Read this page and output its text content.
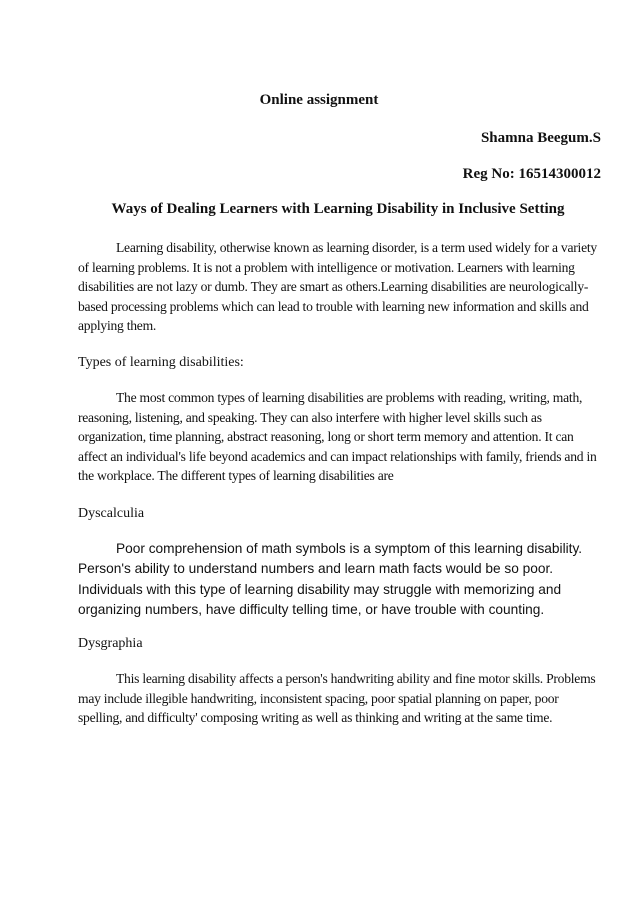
Online assignment

Shamna Beegum.S

Reg No: 16514300012

Ways of Dealing Learners with Learning Disability in Inclusive Setting

Learning disability, otherwise known as learning disorder, is a term used widely for a variety of learning problems. It is not a problem with intelligence or motivation. Learners with learning disabilities are not lazy or dumb. They are smart as others.Learning disabilities are neurologically-based processing problems which can lead to trouble with learning new information and skills and applying them.

Types of learning disabilities:

The most common types of learning disabilities are problems with reading, writing, math, reasoning, listening, and speaking. They can also interfere with higher level skills such as organization, time planning, abstract reasoning, long or short term memory and attention. It can affect an individual's life beyond academics and can impact relationships with family, friends and in the workplace. The different types of learning disabilities are

Dyscalculia

Poor comprehension of math symbols is a symptom of this learning disability. Person's ability to understand numbers and learn math facts would be so poor. Individuals with this type of learning disability may struggle with memorizing and organizing numbers, have difficulty telling time, or have trouble with counting.

Dysgraphia

This learning disability affects a person's handwriting ability and fine motor skills. Problems may include illegible handwriting, inconsistent spacing, poor spatial planning on paper, poor spelling, and difficulty' composing writing as well as thinking and writing at the same time.
